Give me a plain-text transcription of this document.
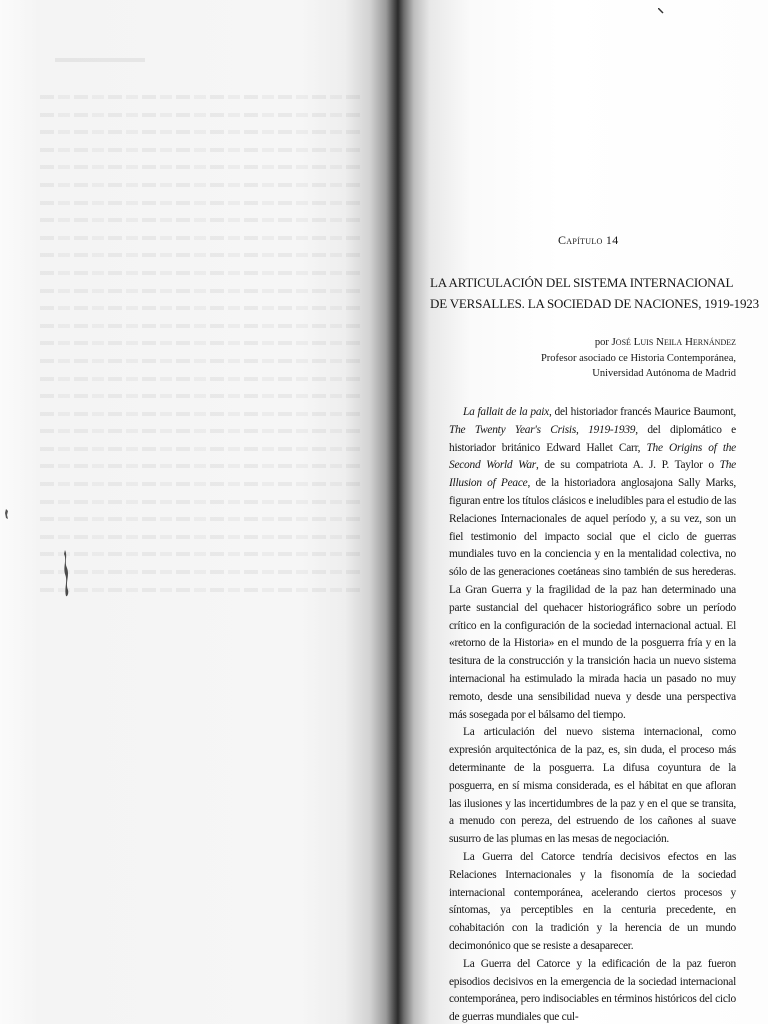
Capítulo 14
LA ARTICULACIÓN DEL SISTEMA INTERNACIONAL
DE VERSALLES. LA SOCIEDAD DE NACIONES, 1919-1923
por José Luis Neila Hernández
Profesor asociado ce Historia Contemporánea,
Universidad Autónoma de Madrid

La fallait de la paix, del historiador francés Maurice Baumont, The Twenty Year's Crisis, 1919-1939, del diplomático e historiador británico Edward Hallet Carr, The Origins of the Second World War, de su compatriota A. J. P. Taylor o The Illusion of Peace, de la historiadora anglosajona Sally Marks, figuran entre los títulos clásicos e ineludibles para el estudio de las Relaciones Internacionales de aquel período y, a su vez, son un fiel testimonio del impacto social que el ciclo de guerras mundiales tuvo en la conciencia y en la mentalidad colectiva, no sólo de las generaciones coetáneas sino también de sus herederas. La Gran Guerra y la fragilidad de la paz han determinado una parte sustancial del quehacer historiográfico sobre un período crítico en la configuración de la sociedad internacional actual. El «retorno de la Historia» en el mundo de la posguerra fría y en la tesitura de la construcción y la transición hacia un nuevo sistema internacional ha estimulado la mirada hacia un pasado no muy remoto, desde una sensibilidad nueva y desde una perspectiva más sosegada por el bálsamo del tiempo.

La articulación del nuevo sistema internacional, como expresión arquitectónica de la paz, es, sin duda, el proceso más determinante de la posguerra. La difusa coyuntura de la posguerra, en sí misma considerada, es el hábitat en que afloran las ilusiones y las incertidumbres de la paz y en el que se transita, a menudo con pereza, del estruendo de los cañones al suave susurro de las plumas en las mesas de negociación.

La Guerra del Catorce tendría decisivos efectos en las Relaciones Internacionales y la fisonomía de la sociedad internacional contemporánea, acelerando ciertos procesos y síntomas, ya perceptibles en la centuria precedente, en cohabitación con la tradición y la herencia de un mundo decimonónico que se resiste a desaparecer.

La Guerra del Catorce y la edificación de la paz fueron episodios decisivos en la emergencia de la sociedad internacional contemporánea, pero indisociables en términos históricos del ciclo de guerras mundiales que cul-
